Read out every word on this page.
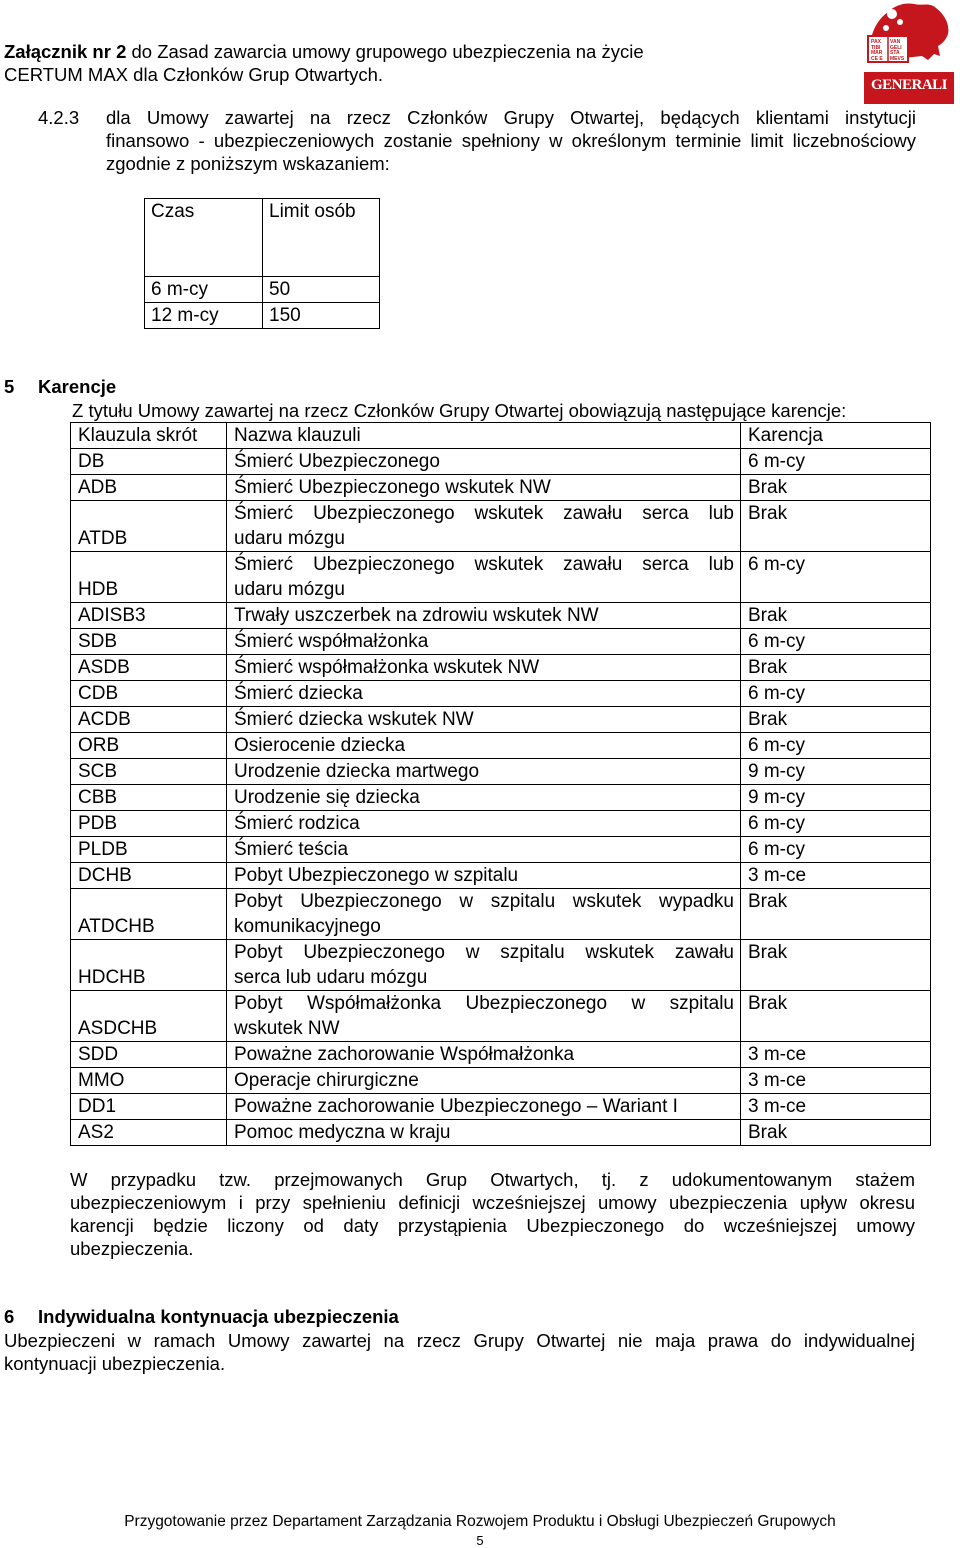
Załącznik nr 2 do Zasad zawarcia umowy grupowego ubezpieczenia na życie
CERTUM MAX dla Członków Grup Otwartych.
PAX TIBI MAR CE E
VAN GELI STA MEVS
GENERALI
4.2.3 dla Umowy zawartej na rzecz Członków Grupy Otwartej, będących klientami instytucji
finansowo - ubezpieczeniowych zostanie spełniony w określonym terminie limit liczebnościowy
zgodnie z poniższym wskazaniem:
Czas	Limit osób
6 m-cy	50
12 m-cy	150
5 Karencje
Z tytułu Umowy zawartej na rzecz Członków Grupy Otwartej obowiązują następujące karencje:
Klauzula skrót	Nazwa klauzuli	Karencja
DB	Śmierć Ubezpieczonego	6 m-cy
ADB	Śmierć Ubezpieczonego wskutek NW	Brak
ATDB	Śmierć Ubezpieczonego wskutek zawału serca lub
udaru mózgu	Brak
HDB	Śmierć Ubezpieczonego wskutek zawału serca lub
udaru mózgu	6 m-cy
ADISB3	Trwały uszczerbek na zdrowiu wskutek NW	Brak
SDB	Śmierć współmałżonka	6 m-cy
ASDB	Śmierć współmałżonka wskutek NW	Brak
CDB	Śmierć dziecka	6 m-cy
ACDB	Śmierć dziecka wskutek NW	Brak
ORB	Osierocenie dziecka	6 m-cy
SCB	Urodzenie dziecka martwego	9 m-cy
CBB	Urodzenie się dziecka	9 m-cy
PDB	Śmierć rodzica	6 m-cy
PLDB	Śmierć teścia	6 m-cy
DCHB	Pobyt Ubezpieczonego w szpitalu	3 m-ce
ATDCHB	Pobyt Ubezpieczonego w szpitalu wskutek wypadku
komunikacyjnego	Brak
HDCHB	Pobyt Ubezpieczonego w szpitalu wskutek zawału
serca lub udaru mózgu	Brak
ASDCHB	Pobyt Współmałżonka Ubezpieczonego w szpitalu
wskutek NW	Brak
SDD	Poważne zachorowanie Współmałżonka	3 m-ce
MMO	Operacje chirurgiczne	3 m-ce
DD1	Poważne zachorowanie Ubezpieczonego – Wariant I	3 m-ce
AS2	Pomoc medyczna w kraju	Brak
W przypadku tzw. przejmowanych Grup Otwartych, tj. z udokumentowanym stażem
ubezpieczeniowym i przy spełnieniu definicji wcześniejszej umowy ubezpieczenia upływ okresu
karencji będzie liczony od daty przystąpienia Ubezpieczonego do wcześniejszej umowy
ubezpieczenia.
6 Indywidualna kontynuacja ubezpieczenia
Ubezpieczeni w ramach Umowy zawartej na rzecz Grupy Otwartej nie maja prawa do indywidualnej
kontynuacji ubezpieczenia.
Przygotowanie przez Departament Zarządzania Rozwojem Produktu i Obsługi Ubezpieczeń Grupowych
5
